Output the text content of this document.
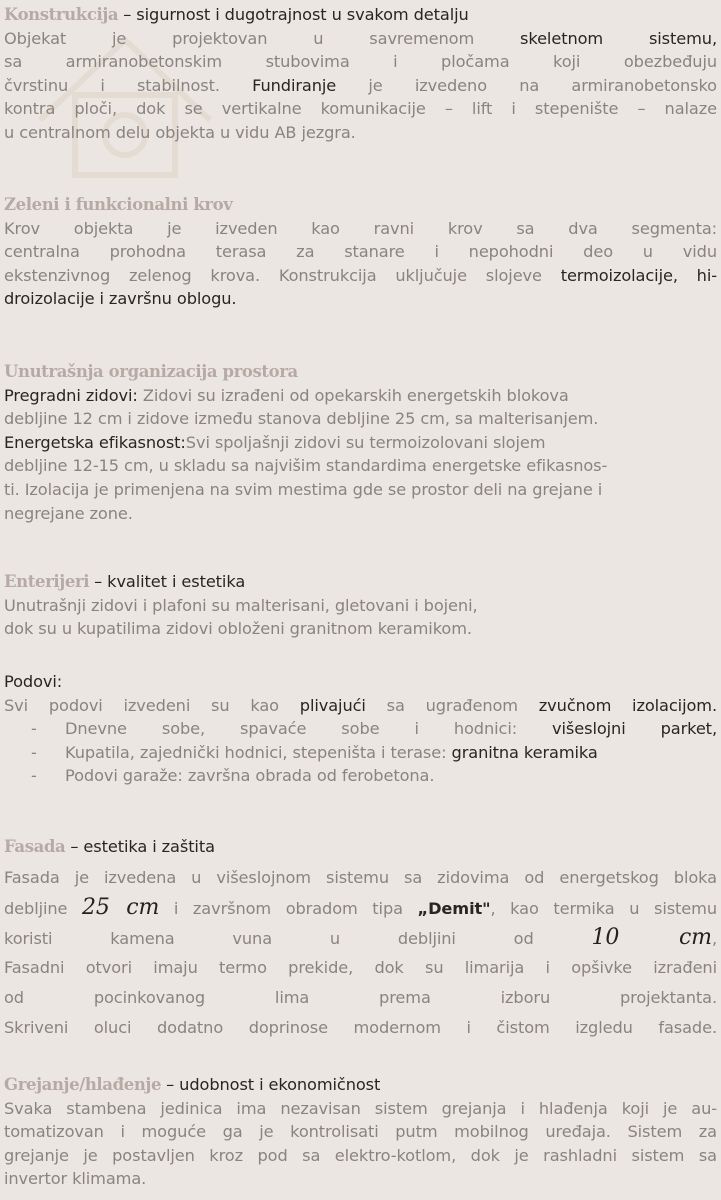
Konstrukcija – sigurnost i dugotrajnost u svakom detalju
Objekat je projektovan u savremenom skeletnom sistemu,
sa armiranobetonskim stubovima i pločama koji obezbeđuju
čvrstinu i stabilnost. Fundiranje je izvedeno na armiranobetonsko
kontra ploči, dok se vertikalne komunikacije – lift i stepenište – nalaze
u centralnom delu objekta u vidu AB jezgra.
Zeleni i funkcionalni krov
Krov objekta je izveden kao ravni krov sa dva segmenta:
centralna prohodna terasa za stanare i nepohodni deo u vidu
ekstenzivnog zelenog krova. Konstrukcija uključuje slojeve termoizolacije, hi-
droizolacije i završnu oblogu.
Unutrašnja organizacija prostora
Pregradni zidovi: Zidovi su izrađeni od opekarskih energetskih blokova
debljine 12 cm i zidove između stanova debljine 25 cm, sa malterisanjem.
Energetska efikasnost:Svi spoljašnji zidovi su termoizolovani slojem
debljine 12-15 cm, u skladu sa najvišim standardima energetske efikasnos-
ti. Izolacija je primenjena na svim mestima gde se prostor deli na grejane i
negrejane zone.
Enterijeri – kvalitet i estetika
Unutrašnji zidovi i plafoni su malterisani, gletovani i bojeni,
dok su u kupatilima zidovi obloženi granitnom keramikom.
Podovi:
Svi podovi izvedeni su kao plivajući sa ugrađenom zvučnom izolacijom.
- Dnevne sobe, spavaće sobe i hodnici: višeslojni parket,
- Kupatila, zajednički hodnici, stepeništa i terase: granitna keramika
- Podovi garaže: završna obrada od ferobetona.
Fasada – estetika i zaštita
Fasada je izvedena u višeslojnom sistemu sa zidovima od energetskog bloka
debljine 25 cm i završnom obradom tipa „Demit", kao termika u sistemu
koristi kamena vuna u debljini od 10 cm,
Fasadni otvori imaju termo prekide, dok su limarija i opšivke izrađeni
od pocinkovanog lima prema izboru projektanta.
Skriveni oluci dodatno doprinose modernom i čistom izgledu fasade.
Grejanje/hlađenje – udobnost i ekonomičnost
Svaka stambena jedinica ima nezavisan sistem grejanja i hlađenja koji je au-
tomatizovan i moguće ga je kontrolisati putm mobilnog uređaja. Sistem za
grejanje je postavljen kroz pod sa elektro-kotlom, dok je rashladni sistem sa
invertor klimama.
